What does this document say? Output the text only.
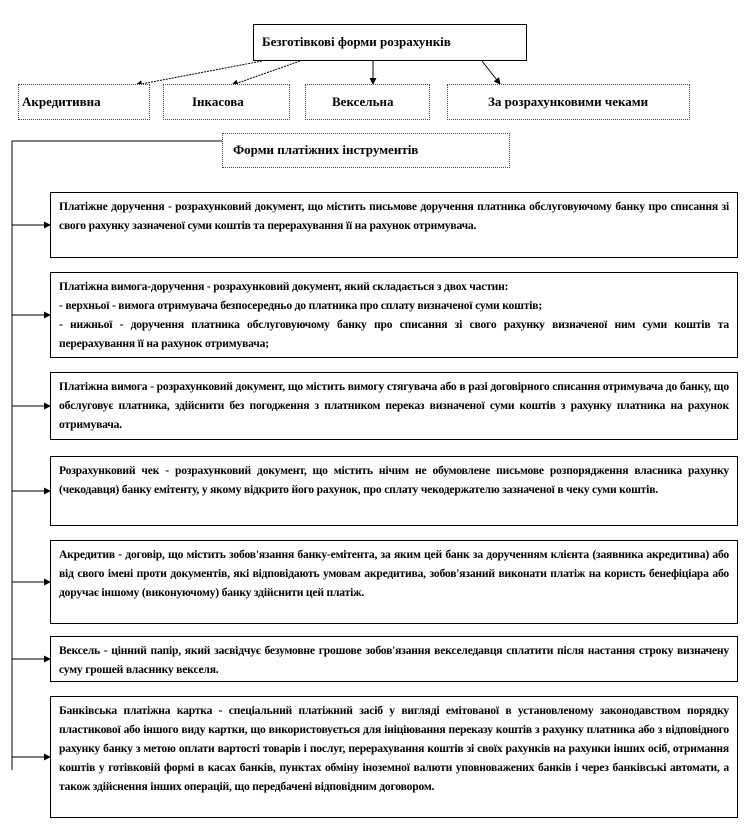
Безготівкові форми розрахунків
Акредитивна	Інкасова	Вексельна	За розрахунковими чеками
Форми платіжних інструментів

Платіжне доручення - розрахунковий документ, що містить письмове доручення платника обслуговуючому банку про списання зі свого рахунку зазначеної суми коштів та перерахування її на рахунок отримувача.

Платіжна вимога-доручення - розрахунковий документ, який складається з двох частин:

- верхньої - вимога отримувача безпосередньо до платника про сплату визначеної суми коштів;

- нижньої - доручення платника обслуговуючому банку про списання зі свого рахунку визначеної ним суми коштів та перерахування її на рахунок отримувача;

Платіжна вимога - розрахунковий документ, що містить вимогу стягувача або в разі договірного списання отримувача до банку, що обслуговує платника, здійснити без погодження з платником переказ визначеної суми коштів з рахунку платника на рахунок отримувача.

Розрахунковий чек - розрахунковий документ, що містить нічим не обумовлене письмове розпорядження власника рахунку (чекодавця) банку емітенту, у якому відкрито його рахунок, про сплату чекодержателю зазначеної в чеку суми коштів.

Акредитив - договір, що містить зобов'язання банку-емітента, за яким цей банк за дорученням клієнта (заявника акредитива) або від свого імені проти документів, які відповідають умовам акредитива, зобов'язаний виконати платіж на користь бенефіціара або доручає іншому (виконуючому) банку здійснити цей платіж.

Вексель - цінний папір, який засвідчує безумовне грошове зобов'язання векселедавця сплатити після настання строку визначену суму грошей власнику векселя.

Банківська платіжна картка - спеціальний платіжний засіб у вигляді емітованої в установленому законодавством порядку пластикової або іншого виду картки, що використовується для ініціювання переказу коштів з рахунку платника або з відповідного рахунку банку з метою оплати вартості товарів і послуг, перерахування коштів зі своїх рахунків на рахунки інших осіб, отримання коштів у готівковій формі в касах банків, пунктах обміну іноземної валюти уповноважених банків і через банківські автомати, а також здійснення інших операцій, що передбачені відповідним договором.
